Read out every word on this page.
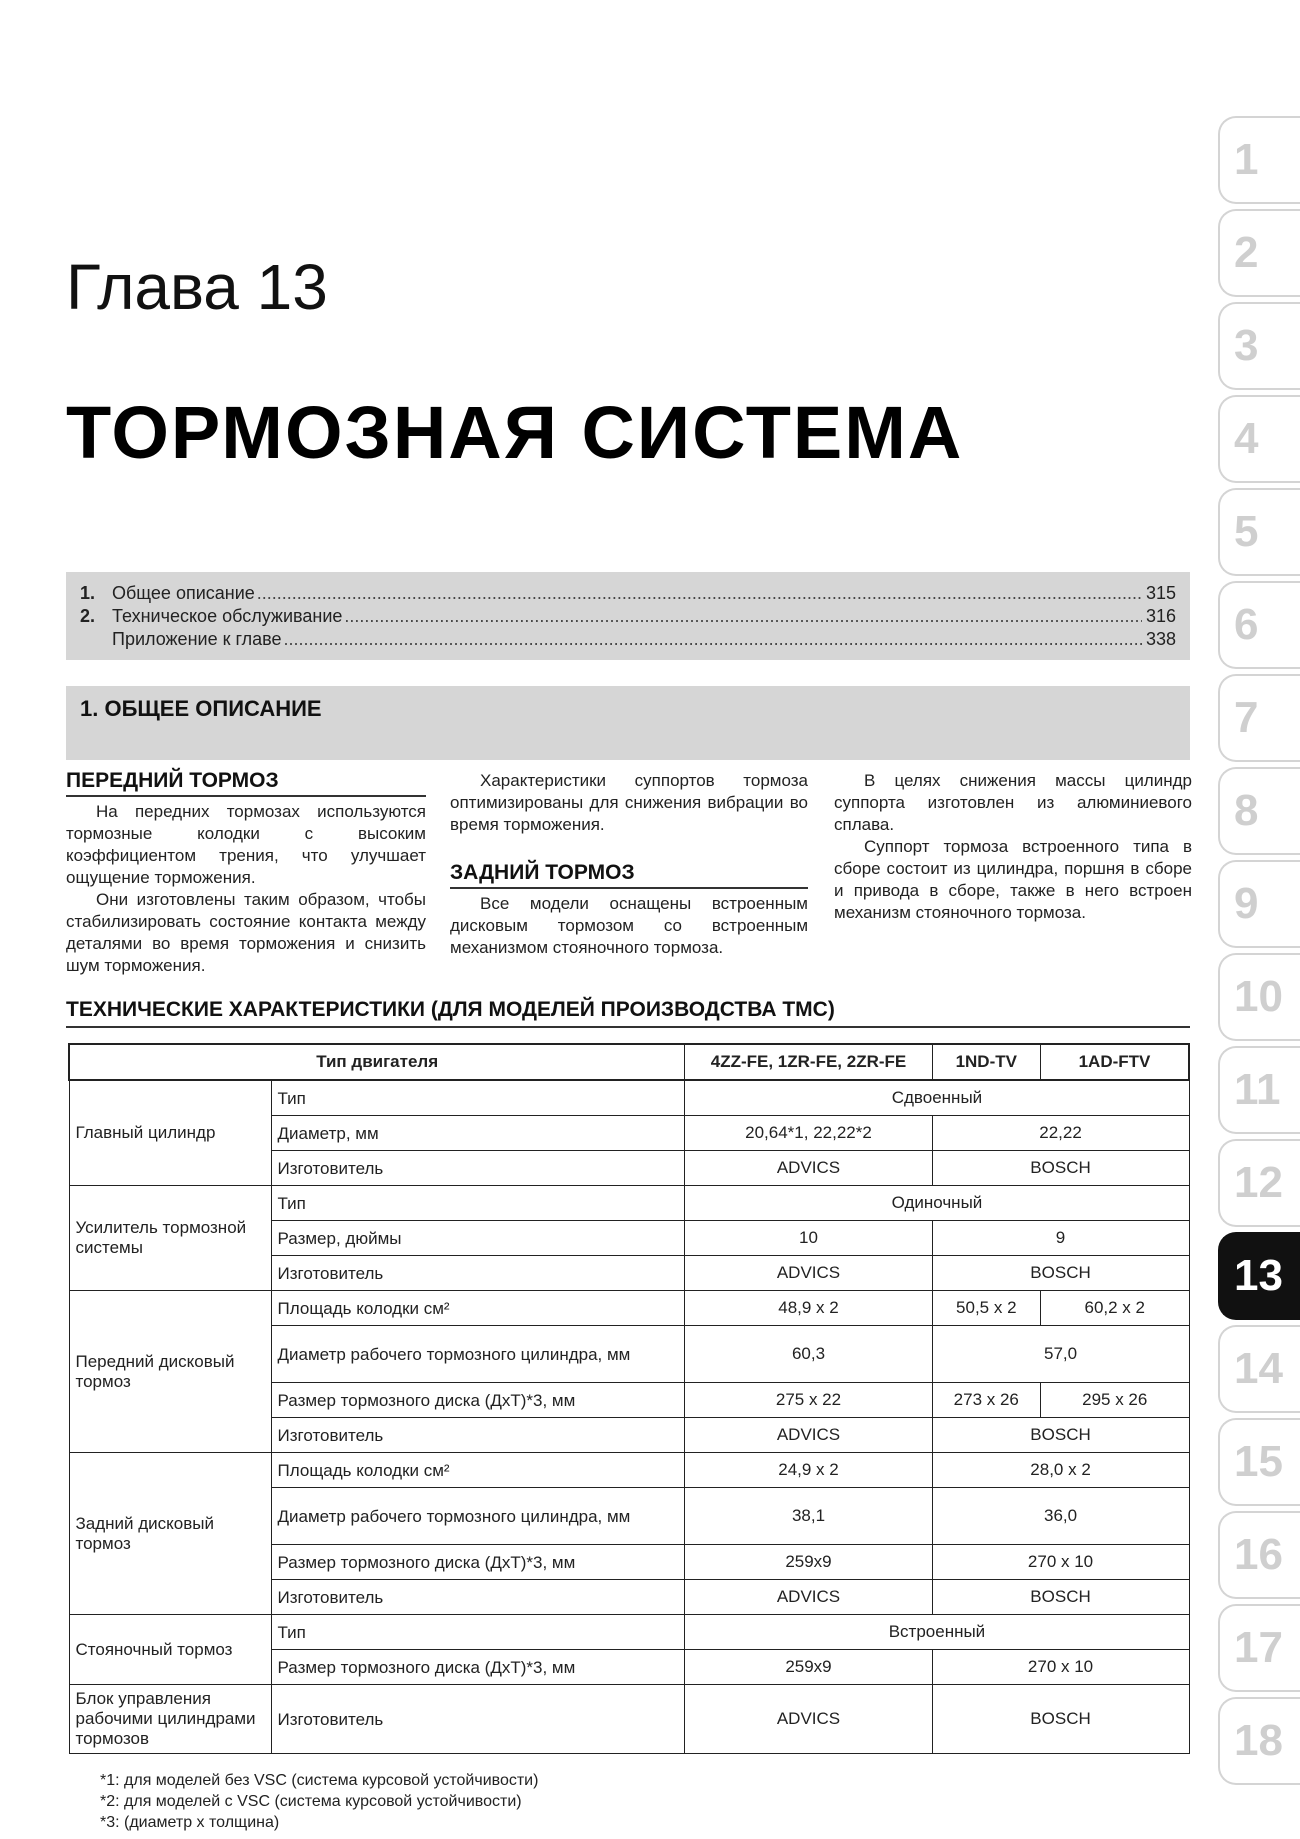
Глава 13
ТОРМОЗНАЯ СИСТЕМА
1. Общее описание .....	315
2. Техническое обслуживание .....	316
Приложение к главе .....	338
1. ОБЩЕЕ ОПИСАНИЕ
ПЕРЕДНИЙ ТОРМОЗ

На передних тормозах используются тормозные колодки с высоким коэффициентом трения, что улучшает ощущение торможения.

Они изготовлены таким образом, чтобы стабилизировать состояние контакта между деталями во время торможения и снизить шум торможения.

Характеристики суппортов тормоза оптимизированы для снижения вибрации во время торможения.

ЗАДНИЙ ТОРМОЗ

Все модели оснащены встроенным дисковым тормозом со встроенным механизмом стояночного тормоза.

В целях снижения массы цилиндр суппорта изготовлен из алюминиевого сплава.

Суппорт тормоза встроенного типа в сборе состоит из цилиндра, поршня в сборе и привода в сборе, также в него встроен механизм стояночного тормоза.

ТЕХНИЧЕСКИЕ ХАРАКТЕРИСТИКИ (ДЛЯ МОДЕЛЕЙ ПРОИЗВОДСТВА ТМС)
Тип двигателя		4ZZ-FE, 1ZR-FE, 2ZR-FE	1ND-TV	1AD-FTV
Главный цилиндр	Тип	Сдвоенный		
	Диаметр, мм	20,64*1, 22,22*2	22,22	
	Изготовитель	ADVICS	BOSCH	
Усилитель тормозной системы	Тип	Одиночный		
	Размер, дюймы	10	9	
	Изготовитель	ADVICS	BOSCH	
Передний дисковый тормоз	Площадь колодки см²	48,9 x 2	50,5 x 2	60,2 x 2
	Диаметр рабочего тормозного цилиндра, мм	60,3	57,0	
	Размер тормозного диска (ДхТ)*3, мм	275 x 22	273 x 26	295 x 26
	Изготовитель	ADVICS	BOSCH	
Задний дисковый тормоз	Площадь колодки см²	24,9 x 2	28,0 x 2	
	Диаметр рабочего тормозного цилиндра, мм	38,1	36,0	
	Размер тормозного диска (ДхТ)*3, мм	259x9	270 x 10	
	Изготовитель	ADVICS	BOSCH	
Стояночный тормоз	Тип	Встроенный		
	Размер тормозного диска (ДхТ)*3, мм	259x9	270 x 10	
Блок управления рабочими цилиндрами тормозов	Изготовитель	ADVICS	BOSCH	
*1: для моделей без VSC (система курсовой устойчивости)
*2: для моделей с VSC (система курсовой устойчивости)
*3: (диаметр х толщина)
1
2
3
4
5
6
7
8
9
10
11
12
13
14
15
16
17
18
